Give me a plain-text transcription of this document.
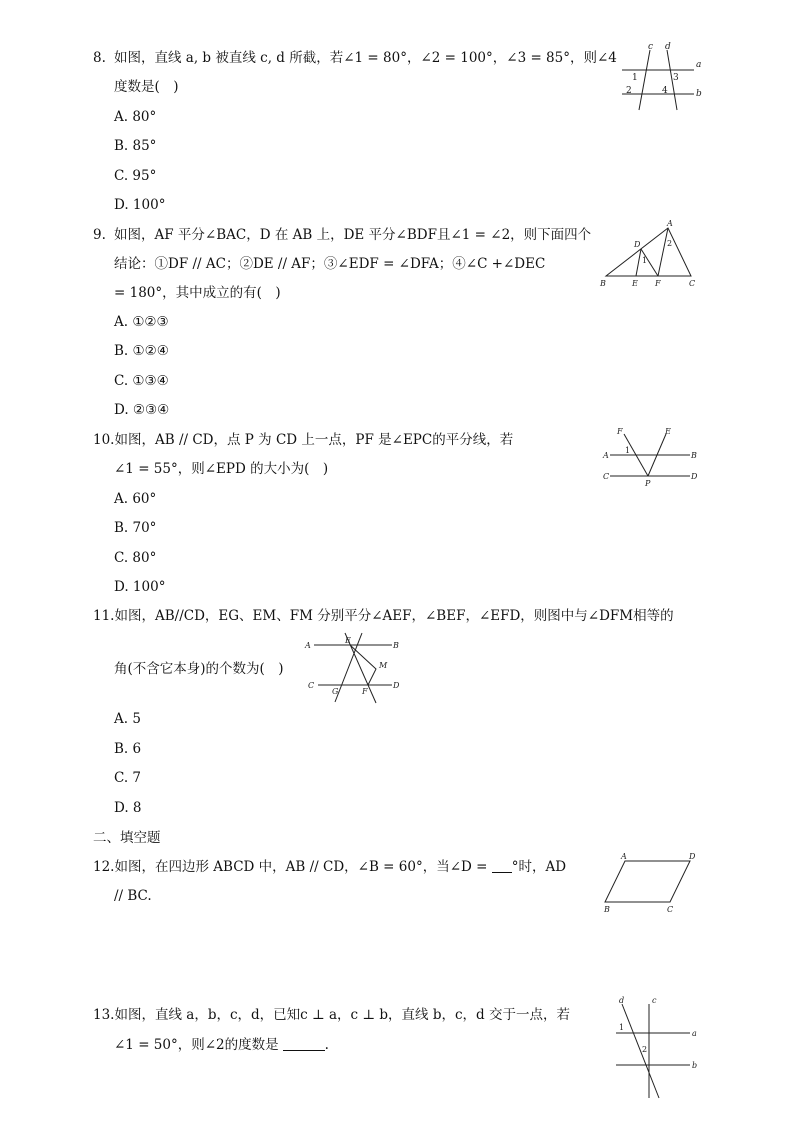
8. 如图，直线 a, b 被直线 c, d 所截，若∠1 = 80°，∠2 = 100°，∠3 = 85°，则∠4
度数是(　)
A. 80°
B. 85°
C. 95°
D. 100°
c d
a
b
1
2
3
4
9. 如图，AF 平分∠BAC，D 在 AB 上，DE 平分∠BDF且∠1 = ∠2，则下面四个
结论：①DF // AC；②DE // AF；③∠EDF = ∠DFA；④∠C +∠DEC
= 180°，其中成立的有(　)
A. ①②③
B. ①②④
C. ①③④
D. ②③④
A
B	C
D
E F
1
2
10.如图，AB // CD，点 P 为 CD 上一点，PF 是∠EPC的平分线，若
∠1 = 55°，则∠EPD 的大小为(　)
A. 60°
B. 70°
C. 80°
D. 100°
F	E
A	B
C	D
P
1
11.如图，AB//CD，EG、EM、FM 分别平分∠AEF，∠BEF，∠EFD，则图中与∠DFM相等的
角(不含它本身)的个数为(　)
A. 5
B. 6
C. 7
D. 8
A	B
C	D
E
F
G
M
二、填空题
12.如图，在四边形 ABCD 中，AB // CD，∠B = 60°，当∠D = °时，AD
// BC.
A	D
B	C
13.如图，直线 a，b，c，d，已知c ⊥ a，c ⊥ b，直线 b，c，d 交于一点，若
∠1 = 50°，则∠2的度数是	.
d	c
a
b
1
2
